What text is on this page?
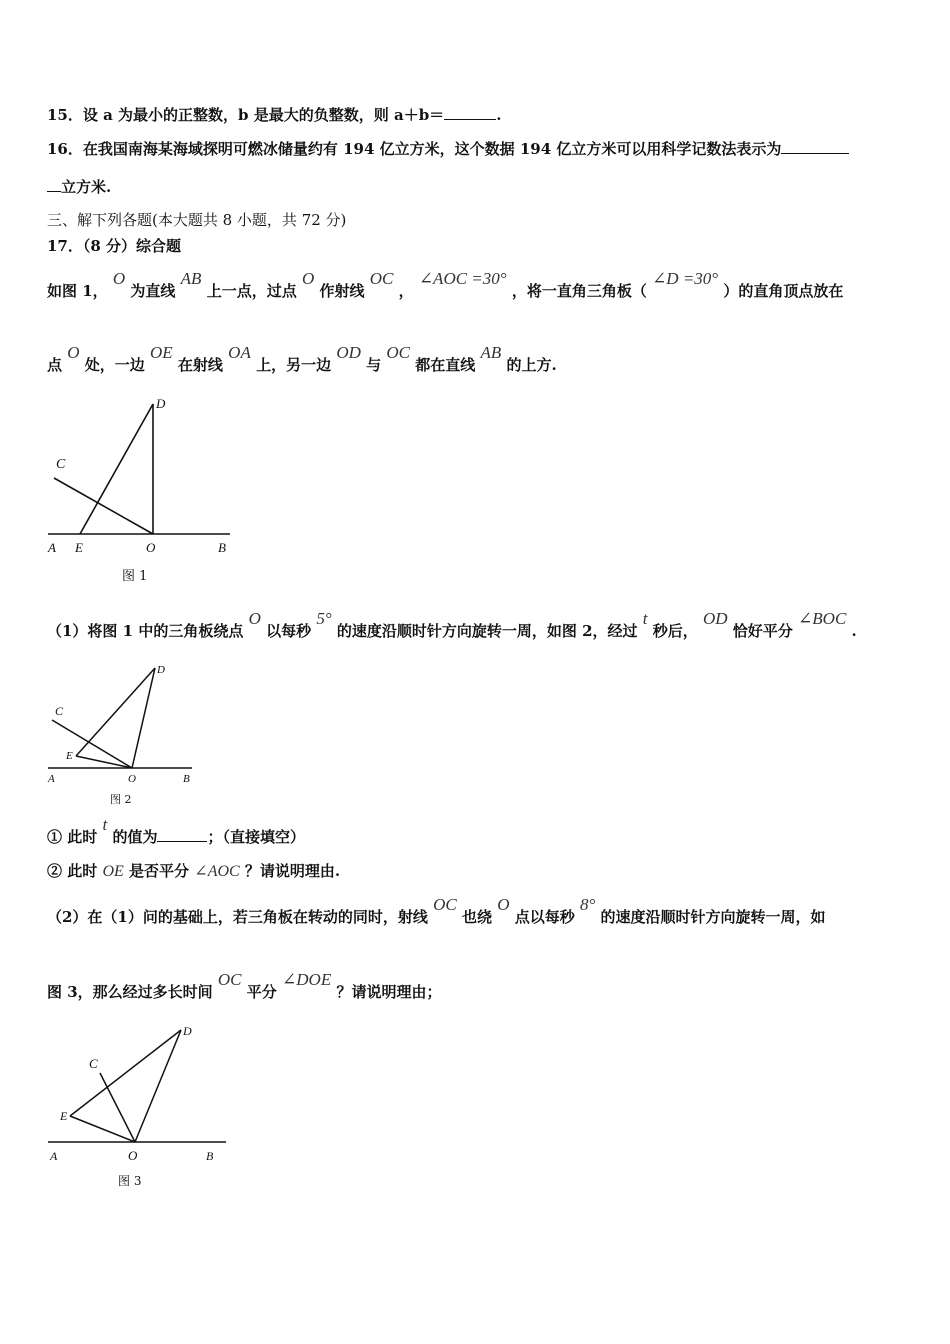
15．设 a 为最小的正整数，b 是最大的负整数，则 a＋b＝	.
16．在我国南海某海域探明可燃冰储量约有 194 亿立方米，这个数据 194 亿立方米可以用科学记数法表示为
立方米.
三、解下列各题(本大题共 8 小题，共 72 分)
17．（8 分）综合题
如图 1， O 为直线 AB 上一点，过点 O 作射线 OC ， ∠AOC =30° ，将一直角三角板（ ∠D =30° ）的直角顶点放在
点 O 处，一边 OE 在射线 OA 上，另一边 OD 与 OC 都在直线 AB 的上方.
D
C
A E	O	B
图 1
（1）将图 1 中的三角板绕点 O 以每秒 5° 的速度沿顺时针方向旋转一周，如图 2，经过 t 秒后， OD 恰好平分 ∠BOC .
D
C
E
A	O	B
图 2
① 此时 t 的值为	；（直接填空）
② 此时 OE 是否平分 ∠AOC ？请说明理由.
（2）在（1）问的基础上，若三角板在转动的同时，射线 OC 也绕 O 点以每秒 8° 的速度沿顺时针方向旋转一周，如
图 3，那么经过多长时间 OC 平分 ∠DOE ？请说明理由；
D
C
E
A	O	B
图 3
